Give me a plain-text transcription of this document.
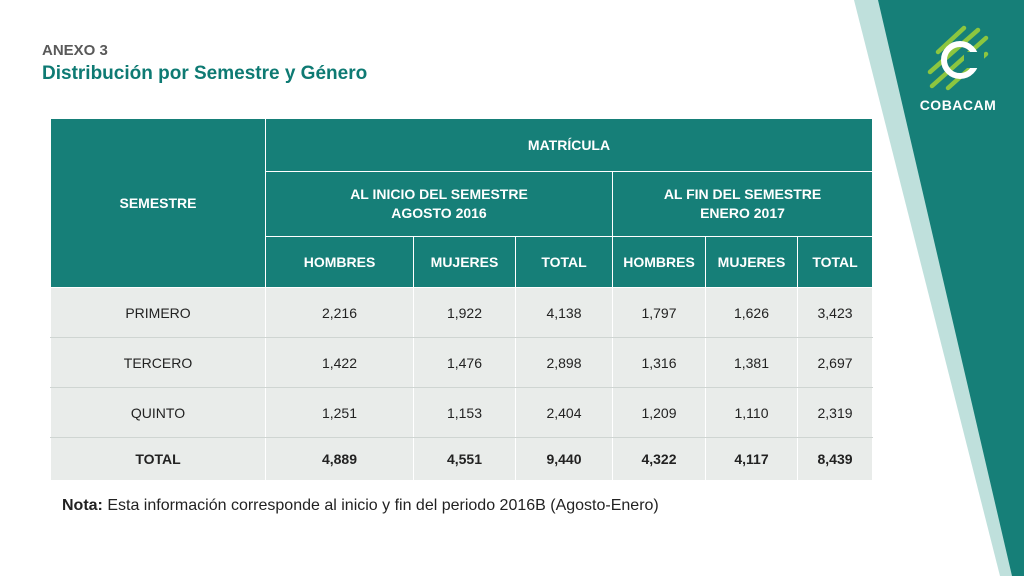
COBACAM
ANEXO 3
Distribución por Semestre y Género
SEMESTRE	MATRÍCULA					
	AL INICIO DEL SEMESTRE
AGOSTO 2016			AL FIN DEL SEMESTRE
ENERO 2017		
	HOMBRES	MUJERES	TOTAL	HOMBRES	MUJERES	TOTAL
PRIMERO	2,216	1,922	4,138	1,797	1,626	3,423
TERCERO	1,422	1,476	2,898	1,316	1,381	2,697
QUINTO	1,251	1,153	2,404	1,209	1,110	2,319
TOTAL	4,889	4,551	9,440	4,322	4,117	8,439
Nota: Esta información corresponde al inicio y fin del periodo 2016B (Agosto-Enero)
